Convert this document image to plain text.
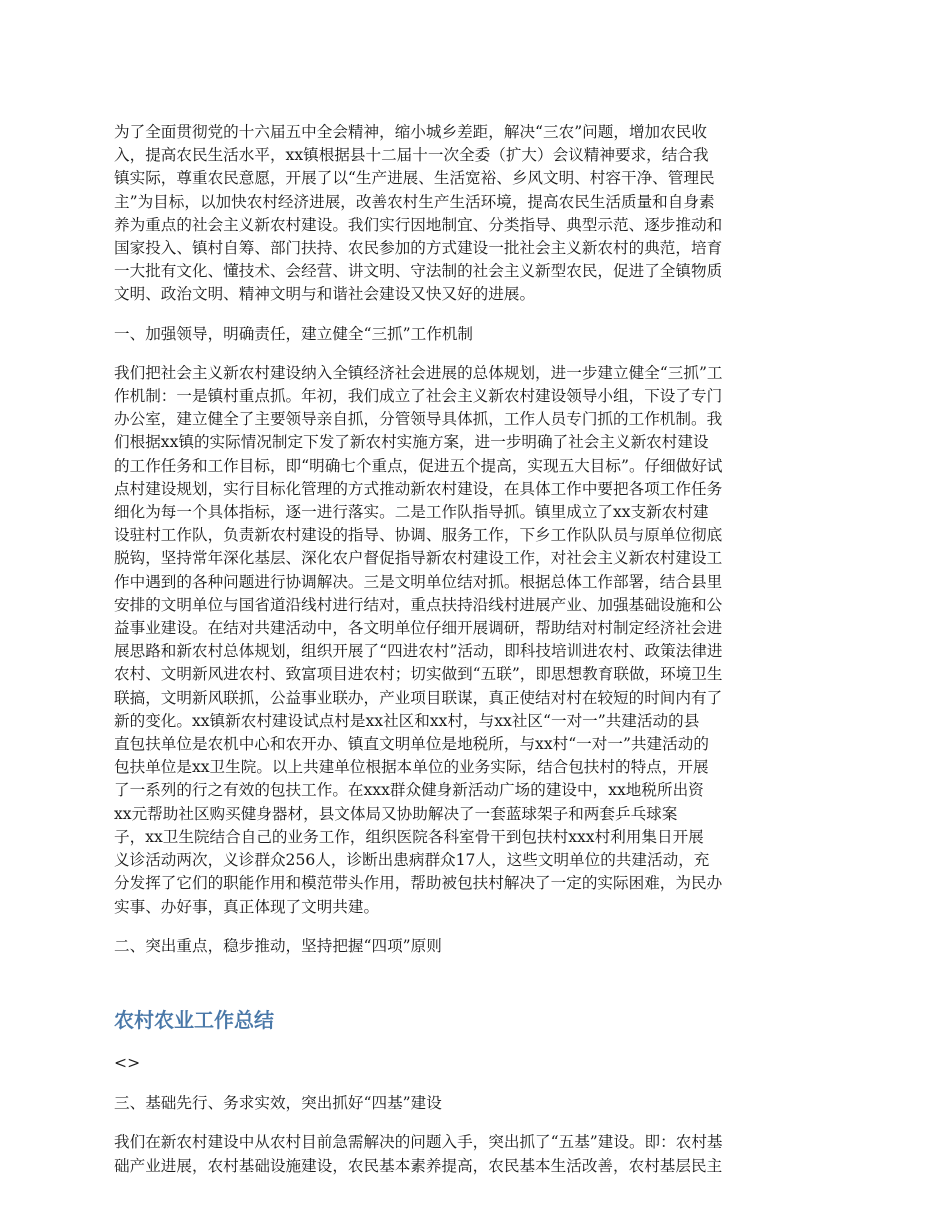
为了全面贯彻党的十六届五中全会精神，缩小城乡差距，解决“三农”问题，增加农民收
入，提高农民生活水平，xx镇根据县十二届十一次全委（扩大）会议精神要求，结合我
镇实际，尊重农民意愿，开展了以“生产进展、生活宽裕、乡风文明、村容干净、管理民
主”为目标，以加快农村经济进展，改善农村生产生活环境，提高农民生活质量和自身素
养为重点的社会主义新农村建设。我们实行因地制宜、分类指导、典型示范、逐步推动和
国家投入、镇村自筹、部门扶持、农民参加的方式建设一批社会主义新农村的典范，培育
一大批有文化、懂技术、会经营、讲文明、守法制的社会主义新型农民，促进了全镇物质
文明、政治文明、精神文明与和谐社会建设又快又好的进展。

一、加强领导，明确责任，建立健全“三抓”工作机制

我们把社会主义新农村建设纳入全镇经济社会进展的总体规划，进一步建立健全“三抓”工
作机制：一是镇村重点抓。年初，我们成立了社会主义新农村建设领导小组，下设了专门
办公室，建立健全了主要领导亲自抓，分管领导具体抓，工作人员专门抓的工作机制。我
们根据xx镇的实际情况制定下发了新农村实施方案，进一步明确了社会主义新农村建设
的工作任务和工作目标，即“明确七个重点，促进五个提高，实现五大目标”。仔细做好试
点村建设规划，实行目标化管理的方式推动新农村建设，在具体工作中要把各项工作任务
细化为每一个具体指标，逐一进行落实。二是工作队指导抓。镇里成立了xx支新农村建
设驻村工作队，负责新农村建设的指导、协调、服务工作，下乡工作队队员与原单位彻底
脱钩，坚持常年深化基层、深化农户督促指导新农村建设工作，对社会主义新农村建设工
作中遇到的各种问题进行协调解决。三是文明单位结对抓。根据总体工作部署，结合县里
安排的文明单位与国省道沿线村进行结对，重点扶持沿线村进展产业、加强基础设施和公
益事业建设。在结对共建活动中，各文明单位仔细开展调研，帮助结对村制定经济社会进
展思路和新农村总体规划，组织开展了“四进农村”活动，即科技培训进农村、政策法律进
农村、文明新风进农村、致富项目进农村；切实做到“五联”，即思想教育联做，环境卫生
联搞，文明新风联抓，公益事业联办，产业项目联谋，真正使结对村在较短的时间内有了
新的变化。xx镇新农村建设试点村是xx社区和xx村，与xx社区“一对一”共建活动的县
直包扶单位是农机中心和农开办、镇直文明单位是地税所，与xx村“一对一”共建活动的
包扶单位是xx卫生院。以上共建单位根据本单位的业务实际，结合包扶村的特点，开展
了一系列的行之有效的包扶工作。在xxx群众健身新活动广场的建设中，xx地税所出资
xx元帮助社区购买健身器材，县文体局又协助解决了一套蓝球架子和两套乒乓球案
子，xx卫生院结合自己的业务工作，组织医院各科室骨干到包扶村xxx村利用集日开展
义诊活动两次，义诊群众256人，诊断出患病群众17人，这些文明单位的共建活动，充
分发挥了它们的职能作用和模范带头作用，帮助被包扶村解决了一定的实际困难，为民办
实事、办好事，真正体现了文明共建。

二、突出重点，稳步推动，坚持把握“四项”原则

农村农业工作总结

<>

三、基础先行、务求实效，突出抓好“四基”建设

我们在新农村建设中从农村目前急需解决的问题入手，突出抓了“五基”建设。即：农村基
础产业进展，农村基础设施建设，农民基本素养提高，农民基本生活改善，农村基层民主
